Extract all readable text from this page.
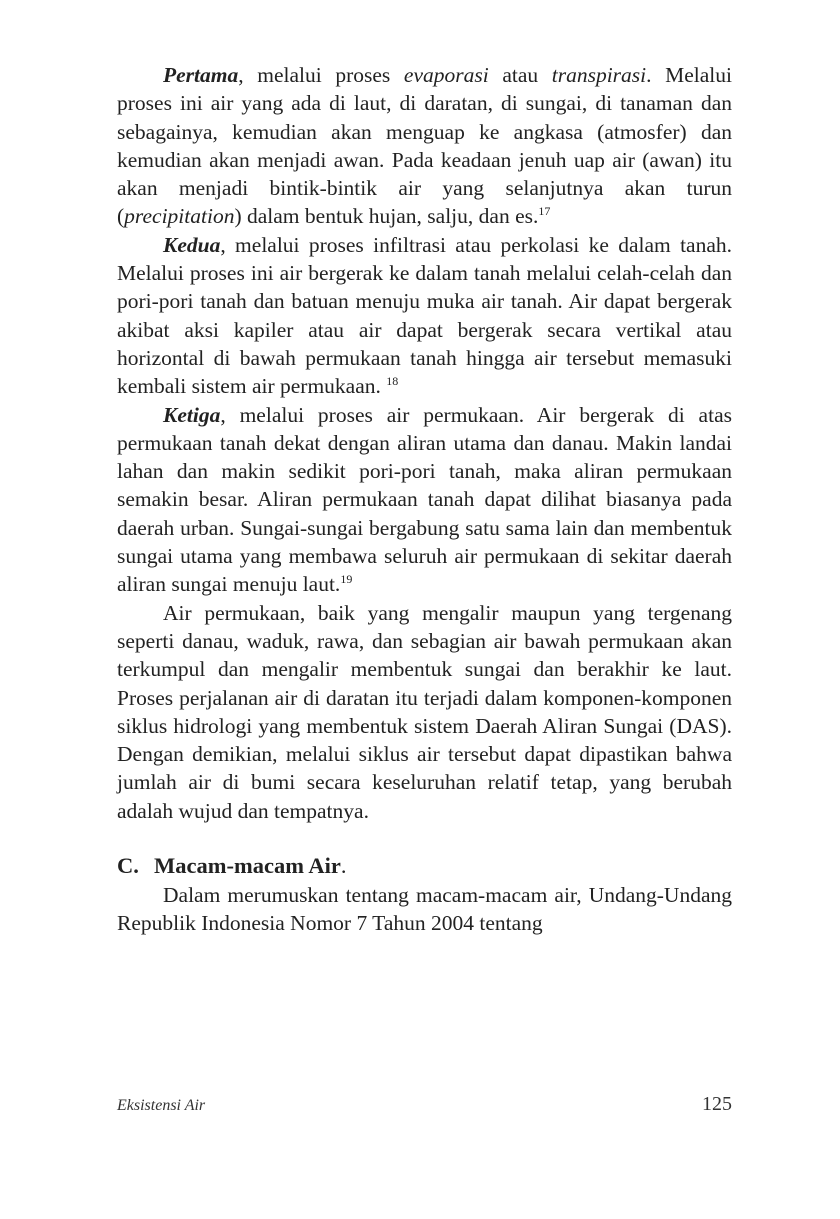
Pertama, melalui proses evaporasi atau transpirasi. Melalui proses ini air yang ada di laut, di daratan, di sungai, di tanaman dan sebagainya, kemudian akan menguap ke angkasa (atmosfer) dan kemudian akan menjadi awan. Pada keadaan jenuh uap air (awan) itu akan menjadi bintik-bintik air yang selanjutnya akan turun (precipitation) dalam bentuk hujan, salju, dan es.$^{17}$

Kedua, melalui proses infiltrasi atau perkolasi ke dalam tanah. Melalui proses ini air bergerak ke dalam tanah melalui celah-celah dan pori-pori tanah dan batuan menuju muka air tanah. Air dapat bergerak akibat aksi kapiler atau air dapat bergerak secara vertikal atau horizontal di bawah permukaan tanah hingga air tersebut memasuki kembali sistem air permukaan. $^{18}$

Ketiga, melalui proses air permukaan. Air bergerak di atas permukaan tanah dekat dengan aliran utama dan danau. Makin landai lahan dan makin sedikit pori-pori tanah, maka aliran permukaan semakin besar. Aliran permukaan tanah dapat dilihat biasanya pada daerah urban. Sungai-sungai bergabung satu sama lain dan membentuk sungai utama yang membawa seluruh air permukaan di sekitar daerah aliran sungai menuju laut.$^{19}$

Air permukaan, baik yang mengalir maupun yang tergenang seperti danau, waduk, rawa, dan sebagian air bawah permukaan akan terkumpul dan mengalir membentuk sungai dan berakhir ke laut. Proses perjalanan air di daratan itu terjadi dalam komponen-komponen siklus hidrologi yang membentuk sistem Daerah Aliran Sungai (DAS). Dengan demikian, melalui siklus air tersebut dapat dipastikan bahwa jumlah air di bumi secara keseluruhan relatif tetap, yang berubah adalah wujud dan tempatnya.

C. Macam-macam Air.

Dalam merumuskan tentang macam-macam air, Undang-Undang Republik Indonesia Nomor 7 Tahun 2004 tentang

Eksistensi Air	125
